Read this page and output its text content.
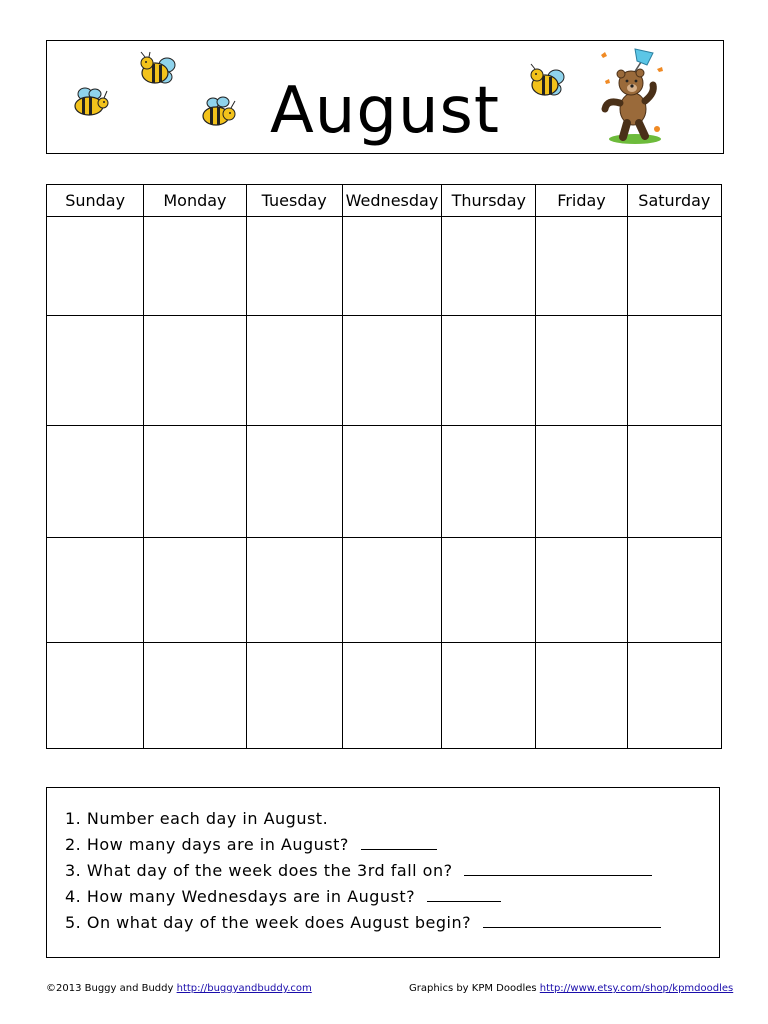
August
Sunday	Monday	Tuesday	Wednesday	Thursday	Friday	Saturday

1. Number each day in August.
2. How many days are in August?
3. What day of the week does the 3rd fall on?
4. How many Wednesdays are in August?
5. On what day of the week does August begin?
©2013 Buggy and Buddy http://buggyandbuddy.com	Graphics by KPM Doodles http://www.etsy.com/shop/kpmdoodles
